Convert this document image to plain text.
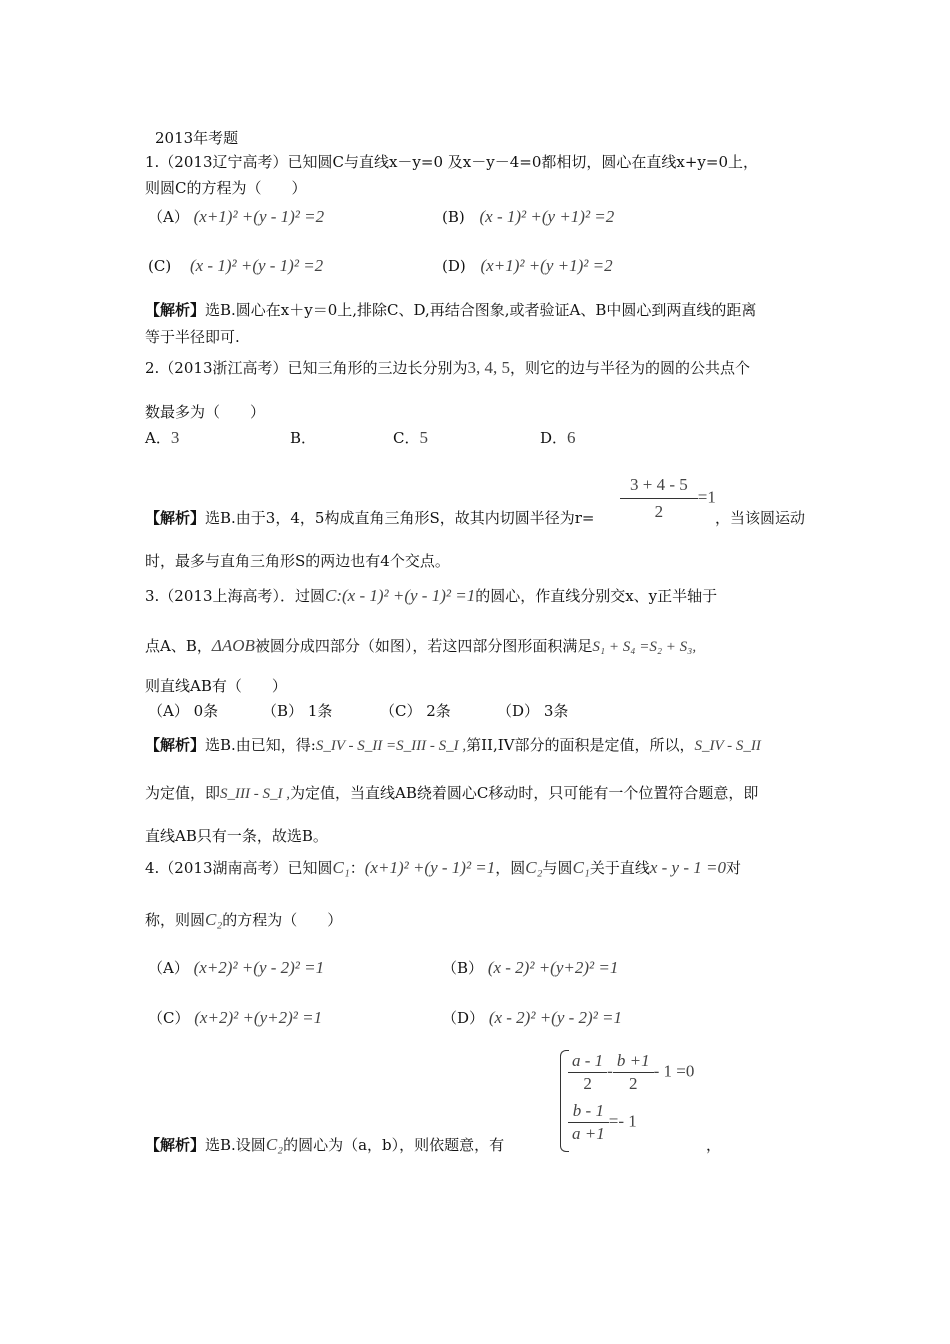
2013年考题
1.（2013辽宁高考）已知圆C与直线x－y=0 及x－y－4=0都相切，圆心在直线x+y=0上，
则圆C的方程为（　　）
（A） (x+1)² +(y - 1)² =2	(B) (x - 1)² +(y +1)² =2
(C) (x - 1)² +(y - 1)² =2	(D) (x+1)² +(y +1)² =2
【解析】选B.圆心在x＋y＝0上,排除C、D,再结合图象,或者验证A、B中圆心到两直线的距离
等于半径即可.
2.（2013浙江高考）已知三角形的三边长分别为3, 4, 5，则它的边与半径为的圆的公共点个
数最多为（　　）
A．3	B．	C．5	D．6
【解析】选B.由于3，4，5构成直角三角形S，故其内切圆半径为$r= \frac{3 + 4 - 5}{2} =1$
，当该圆运动
时，最多与直角三角形S的两边也有4个交点。
3.（2013上海高考）．过圆C:(x - 1)² +(y - 1)² =1的圆心，作直线分别交x、y正半轴于
点A、B，ΔAOB被圆分成四部分（如图），若这四部分图形面积满足S₁ + S₄ =S₂ + S₃,
则直线AB有（　　）
（A） 0条	（B） 1条	（C） 2条	（D） 3条
【解析】选B.由已知，得:S_IV - S_II =S_III - S_I ,第II,IV部分的面积是定值，所以，S_IV - S_II
为定值，即S_III - S_I ,为定值，当直线AB绕着圆心C移动时，只可能有一个位置符合题意，即
直线AB只有一条，故选B。
4.（2013湖南高考）已知圆C₁：(x+1)² +(y - 1)² =1，圆C₂与圆C₁关于直线x - y - 1 =0对
称，则圆C₂的方程为（　　）
（A） (x+2)² +(y - 2)² =1	（B） (x - 2)² +(y+2)² =1
（C） (x+2)² +(y+2)² =1	（D） (x - 2)² +(y - 2)² =1
$\frac{a - 1}{2} - \frac{b +1}{2} - 1 =0$
$\frac{b - 1}{a +1} =- 1$
【解析】选B.设圆C₂的圆心为（a，b），则依题意，有	，
